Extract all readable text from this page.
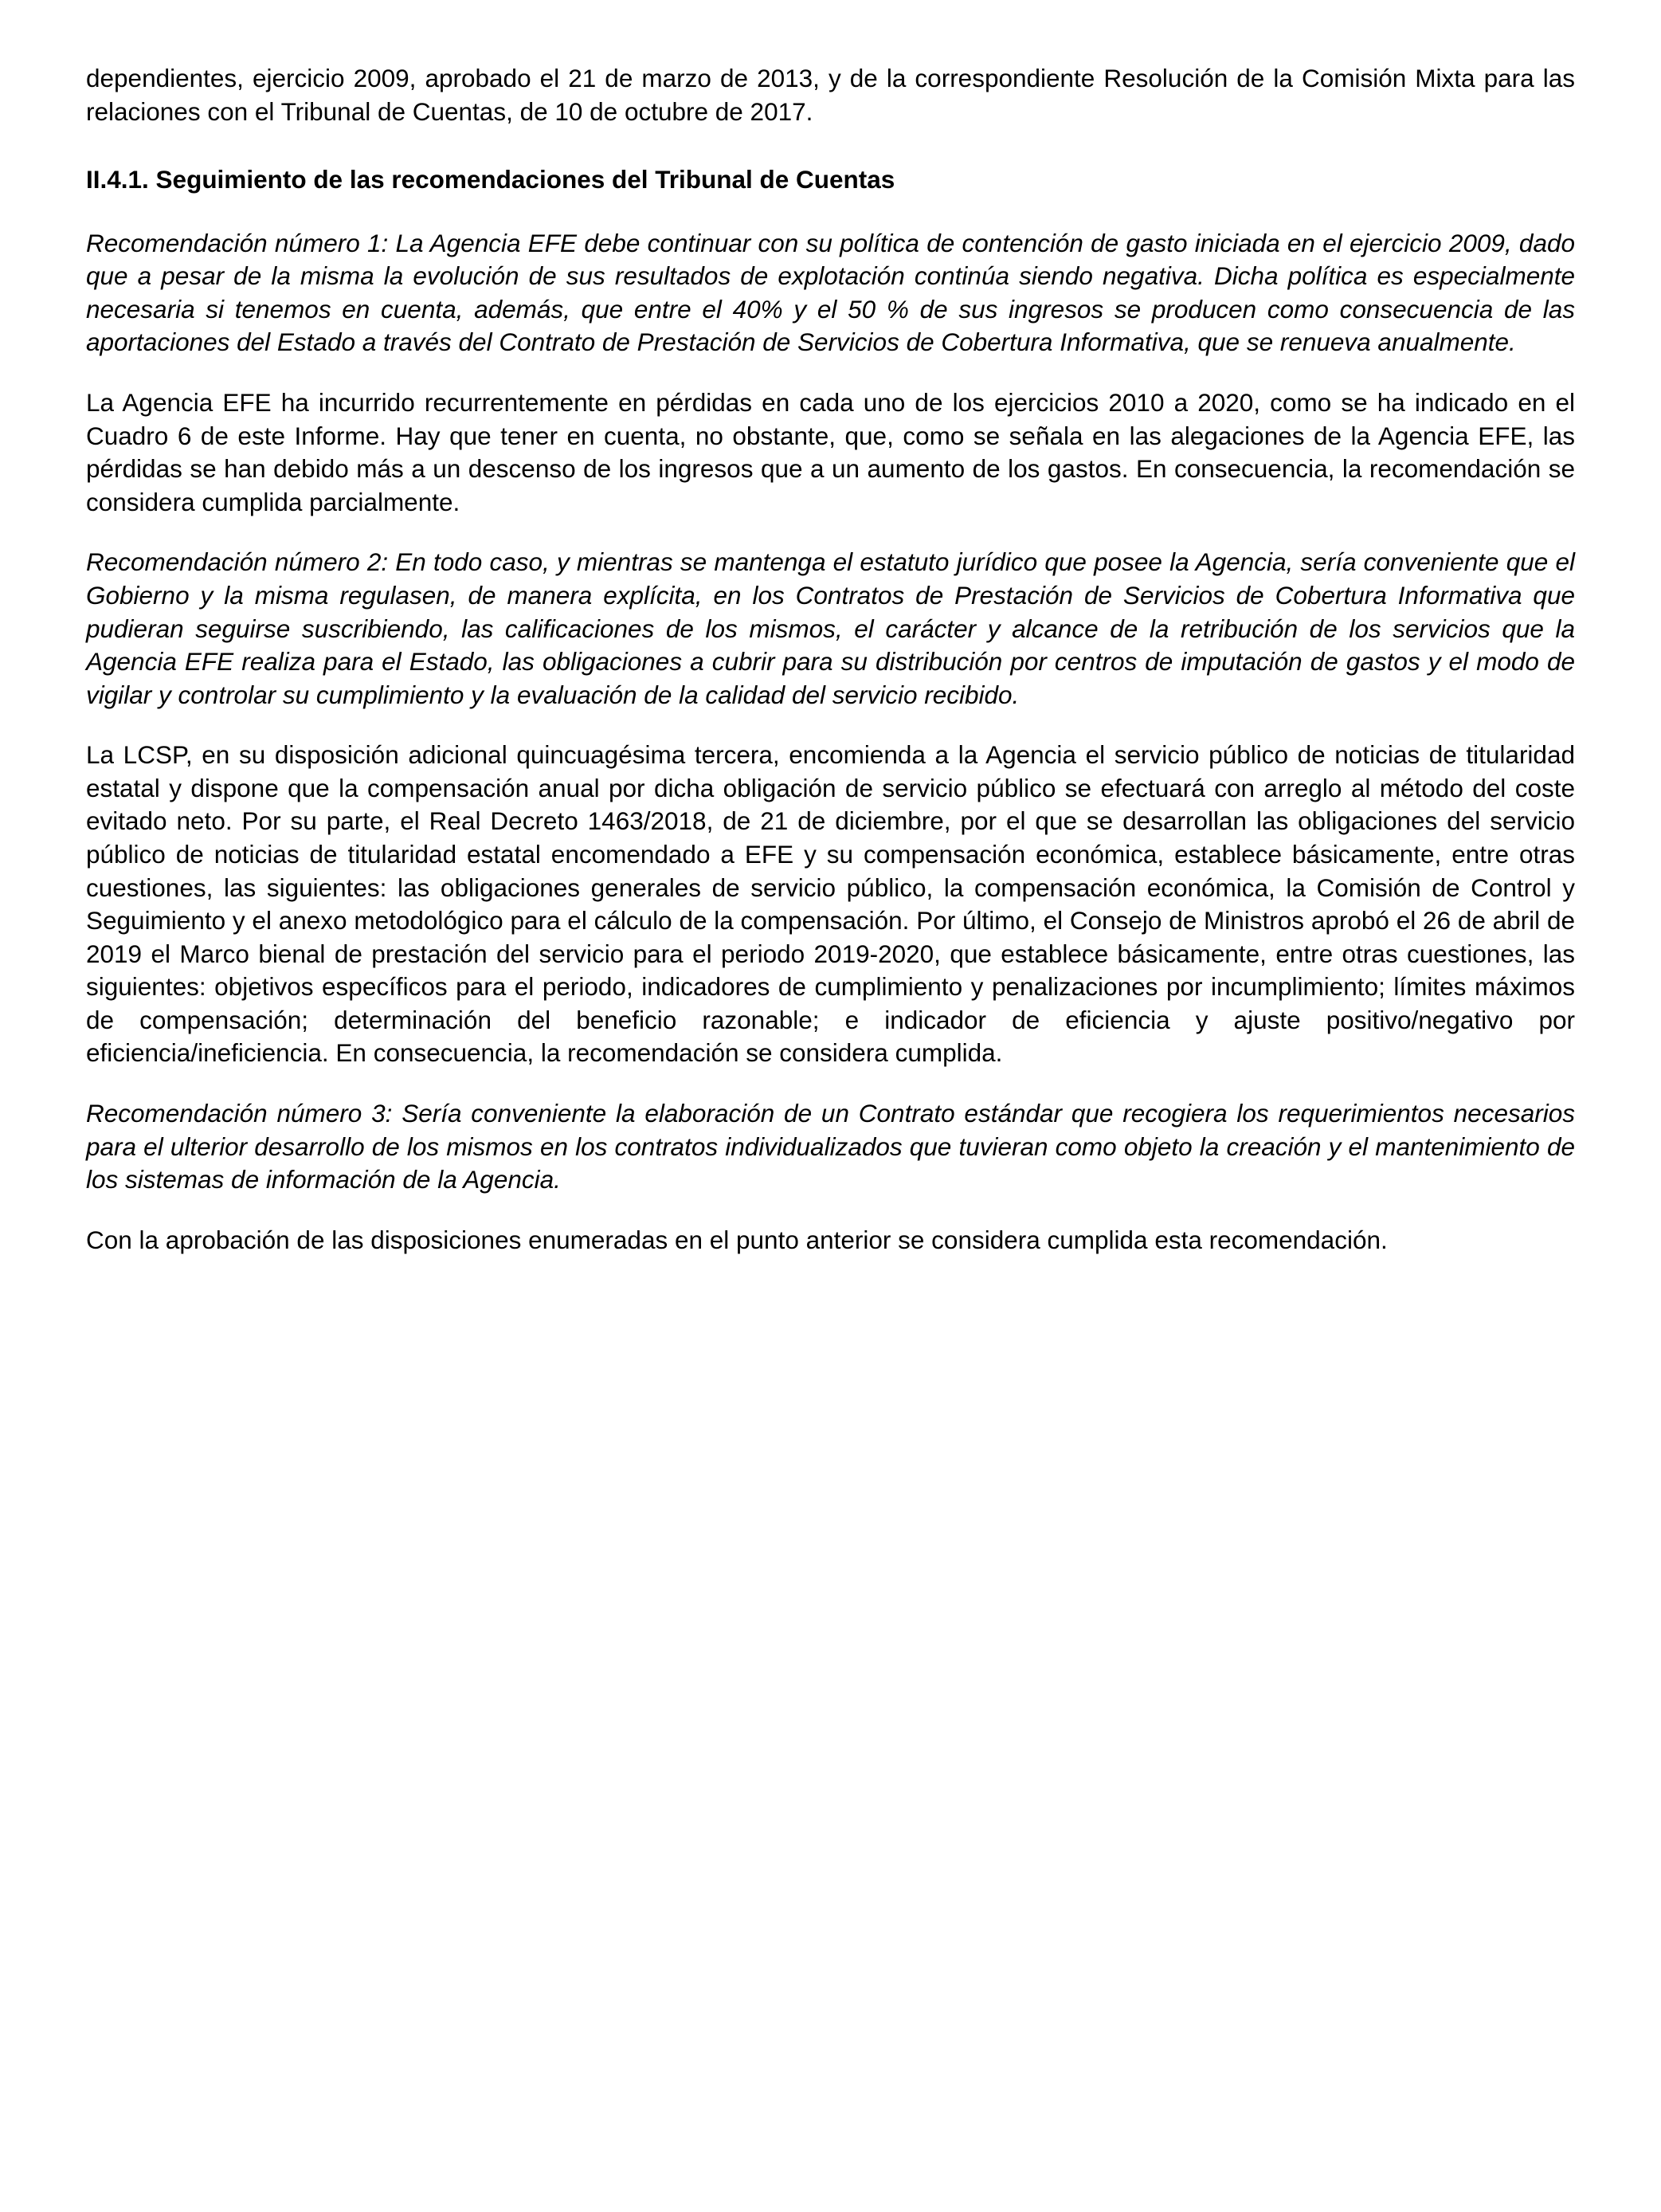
dependientes, ejercicio 2009, aprobado el 21 de marzo de 2013, y de la correspondiente Resolución de la Comisión Mixta para las relaciones con el Tribunal de Cuentas, de 10 de octubre de 2017.

II.4.1. Seguimiento de las recomendaciones del Tribunal de Cuentas

Recomendación número 1: La Agencia EFE debe continuar con su política de contención de gasto iniciada en el ejercicio 2009, dado que a pesar de la misma la evolución de sus resultados de explotación continúa siendo negativa. Dicha política es especialmente necesaria si tenemos en cuenta, además, que entre el 40% y el 50 % de sus ingresos se producen como consecuencia de las aportaciones del Estado a través del Contrato de Prestación de Servicios de Cobertura Informativa, que se renueva anualmente.

La Agencia EFE ha incurrido recurrentemente en pérdidas en cada uno de los ejercicios 2010 a 2020, como se ha indicado en el Cuadro 6 de este Informe. Hay que tener en cuenta, no obstante, que, como se señala en las alegaciones de la Agencia EFE, las pérdidas se han debido más a un descenso de los ingresos que a un aumento de los gastos. En consecuencia, la recomendación se considera cumplida parcialmente.

Recomendación número 2: En todo caso, y mientras se mantenga el estatuto jurídico que posee la Agencia, sería conveniente que el Gobierno y la misma regulasen, de manera explícita, en los Contratos de Prestación de Servicios de Cobertura Informativa que pudieran seguirse suscribiendo, las calificaciones de los mismos, el carácter y alcance de la retribución de los servicios que la Agencia EFE realiza para el Estado, las obligaciones a cubrir para su distribución por centros de imputación de gastos y el modo de vigilar y controlar su cumplimiento y la evaluación de la calidad del servicio recibido.

La LCSP, en su disposición adicional quincuagésima tercera, encomienda a la Agencia el servicio público de noticias de titularidad estatal y dispone que la compensación anual por dicha obligación de servicio público se efectuará con arreglo al método del coste evitado neto. Por su parte, el Real Decreto 1463/2018, de 21 de diciembre, por el que se desarrollan las obligaciones del servicio público de noticias de titularidad estatal encomendado a EFE y su compensación económica, establece básicamente, entre otras cuestiones, las siguientes: las obligaciones generales de servicio público, la compensación económica, la Comisión de Control y Seguimiento y el anexo metodológico para el cálculo de la compensación. Por último, el Consejo de Ministros aprobó el 26 de abril de 2019 el Marco bienal de prestación del servicio para el periodo 2019-2020, que establece básicamente, entre otras cuestiones, las siguientes: objetivos específicos para el periodo, indicadores de cumplimiento y penalizaciones por incumplimiento; límites máximos de compensación; determinación del beneficio razonable; e indicador de eficiencia y ajuste positivo/negativo por eficiencia/ineficiencia. En consecuencia, la recomendación se considera cumplida.

Recomendación número 3: Sería conveniente la elaboración de un Contrato estándar que recogiera los requerimientos necesarios para el ulterior desarrollo de los mismos en los contratos individualizados que tuvieran como objeto la creación y el mantenimiento de los sistemas de información de la Agencia.

Con la aprobación de las disposiciones enumeradas en el punto anterior se considera cumplida esta recomendación.
